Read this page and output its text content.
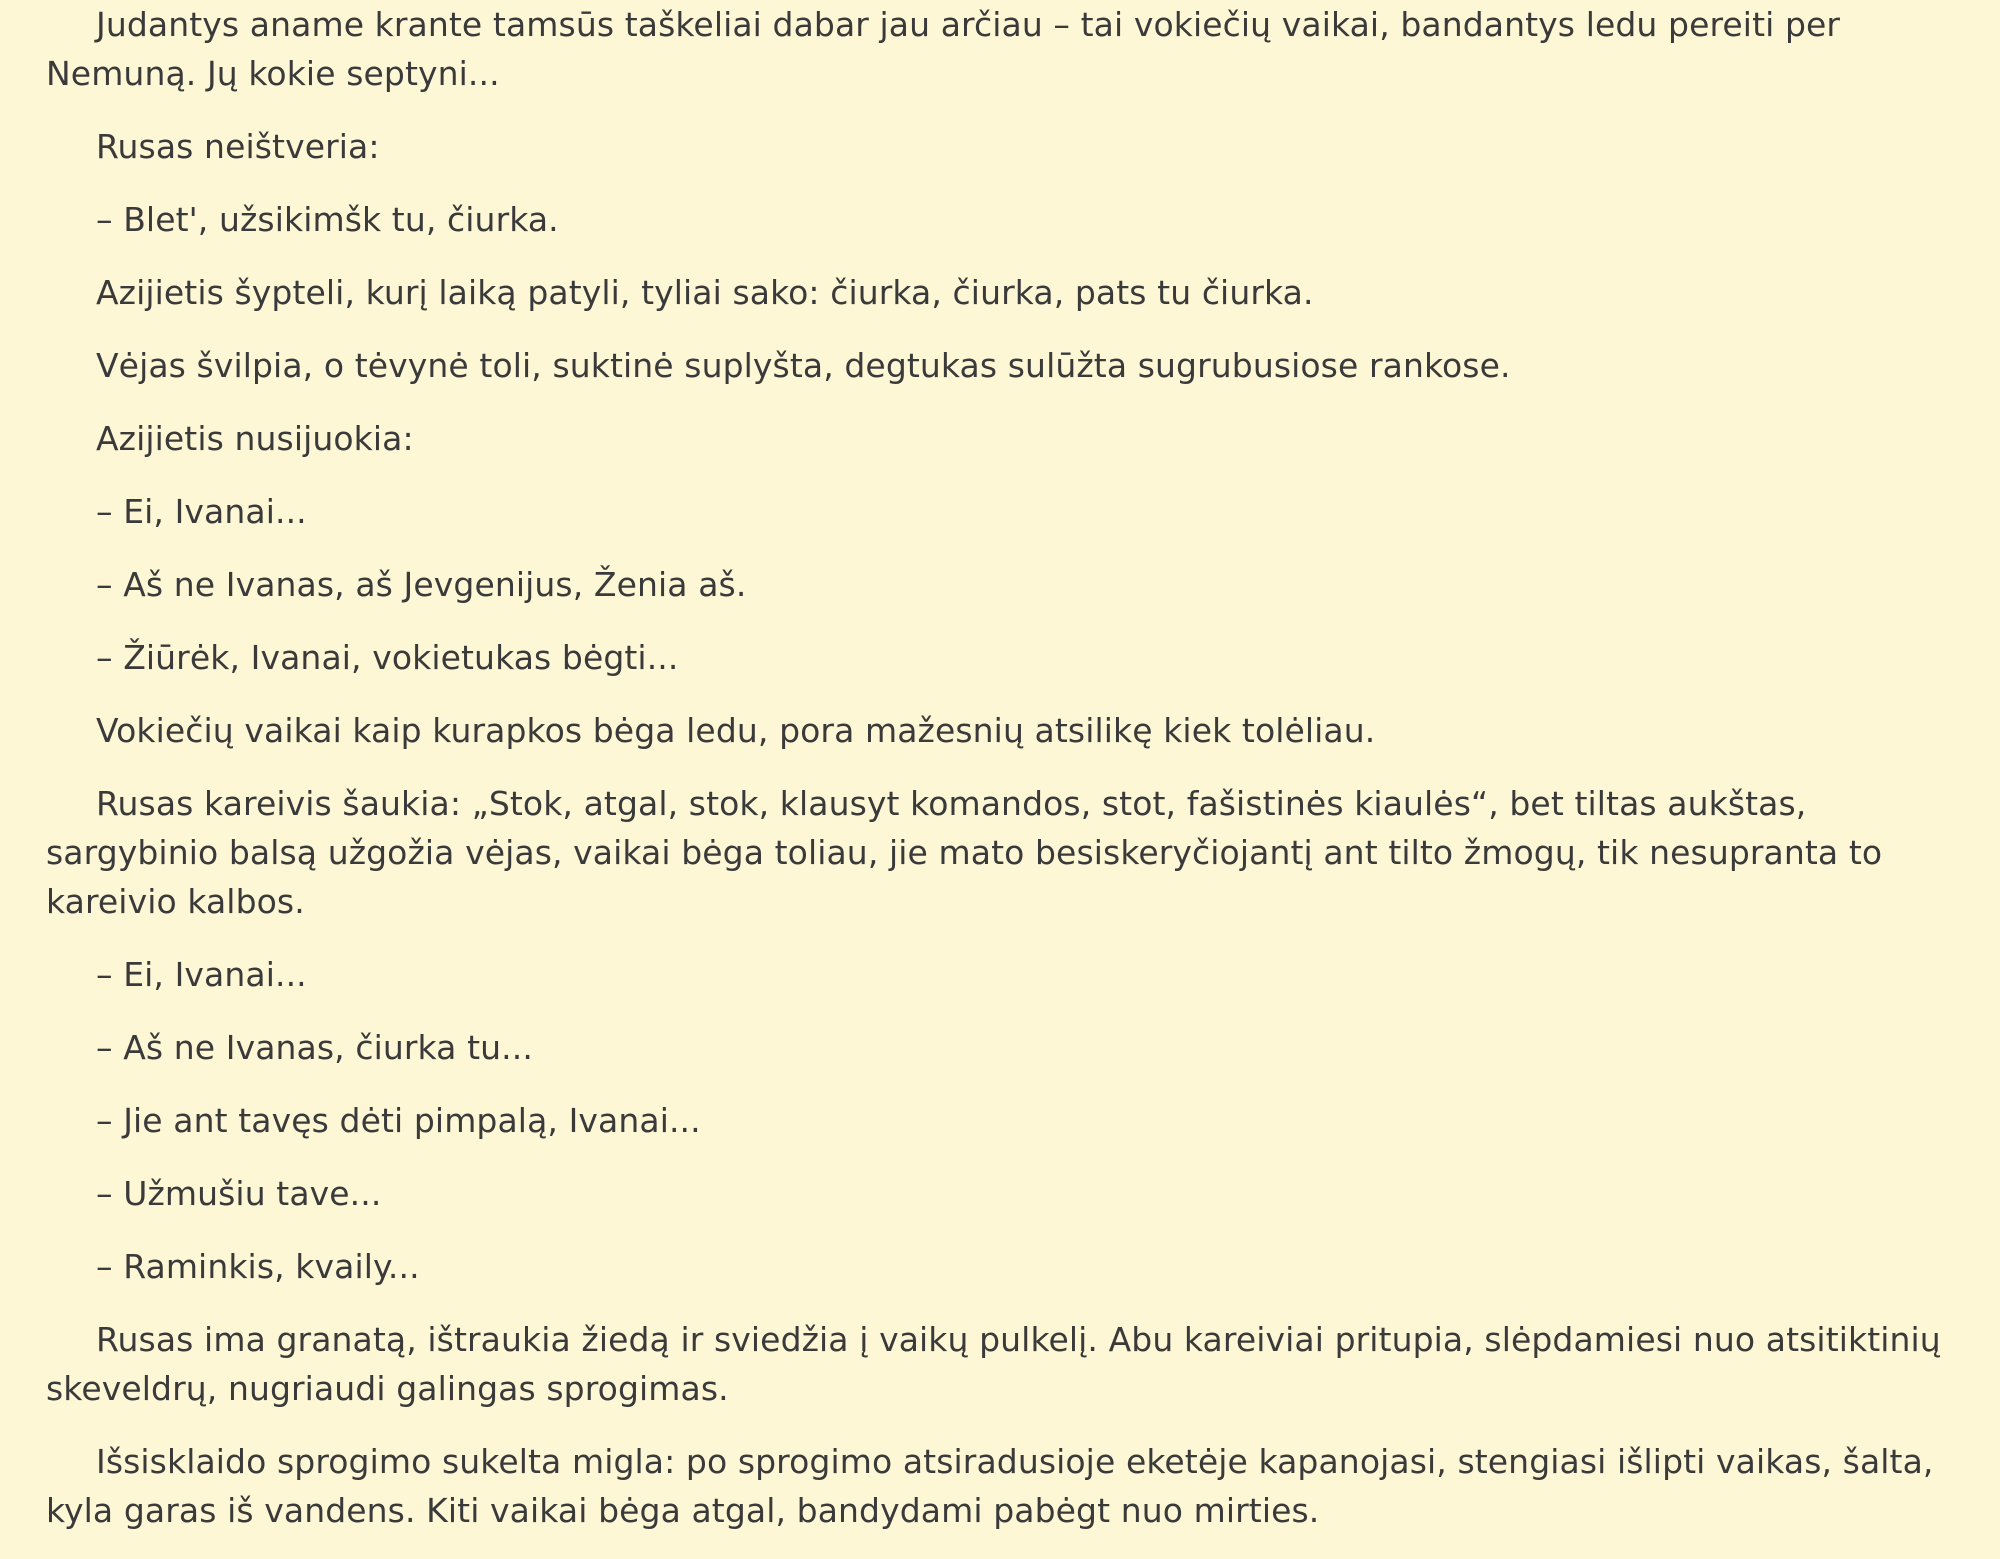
Judantys aname krante tamsūs taškeliai dabar jau arčiau – tai vokiečių vaikai, bandantys ledu pereiti per Nemuną. Jų kokie septyni...

Rusas neištveria:

– Blet', užsikimšk tu, čiurka.

Azijietis šypteli, kurį laiką patyli, tyliai sako: čiurka, čiurka, pats tu čiurka.

Vėjas švilpia, o tėvynė toli, suktinė suplyšta, degtukas sulūžta sugrubusiose rankose.

Azijietis nusijuokia:

– Ei, Ivanai...

– Aš ne Ivanas, aš Jevgenijus, Ženia aš.

– Žiūrėk, Ivanai, vokietukas bėgti...

Vokiečių vaikai kaip kurapkos bėga ledu, pora mažesnių atsilikę kiek tolėliau.

Rusas kareivis šaukia: „Stok, atgal, stok, klausyt komandos, stot, fašistinės kiaulės“, bet tiltas aukštas, sargybinio balsą užgožia vėjas, vaikai bėga toliau, jie mato besiskeryčiojantį ant tilto žmogų, tik nesupranta to kareivio kalbos.

– Ei, Ivanai...

– Aš ne Ivanas, čiurka tu...

– Jie ant tavęs dėti pimpalą, Ivanai...

– Užmušiu tave...

– Raminkis, kvaily...

Rusas ima granatą, ištraukia žiedą ir sviedžia į vaikų pulkelį. Abu kareiviai pritupia, slėpdamiesi nuo atsitiktinių skeveldrų, nugriaudi galingas sprogimas.

Išsisklaido sprogimo sukelta migla: po sprogimo atsiradusioje eketėje kapanojasi, stengiasi išlipti vaikas, šalta, kyla garas iš vandens. Kiti vaikai bėga atgal, bandydami pabėgt nuo mirties.
